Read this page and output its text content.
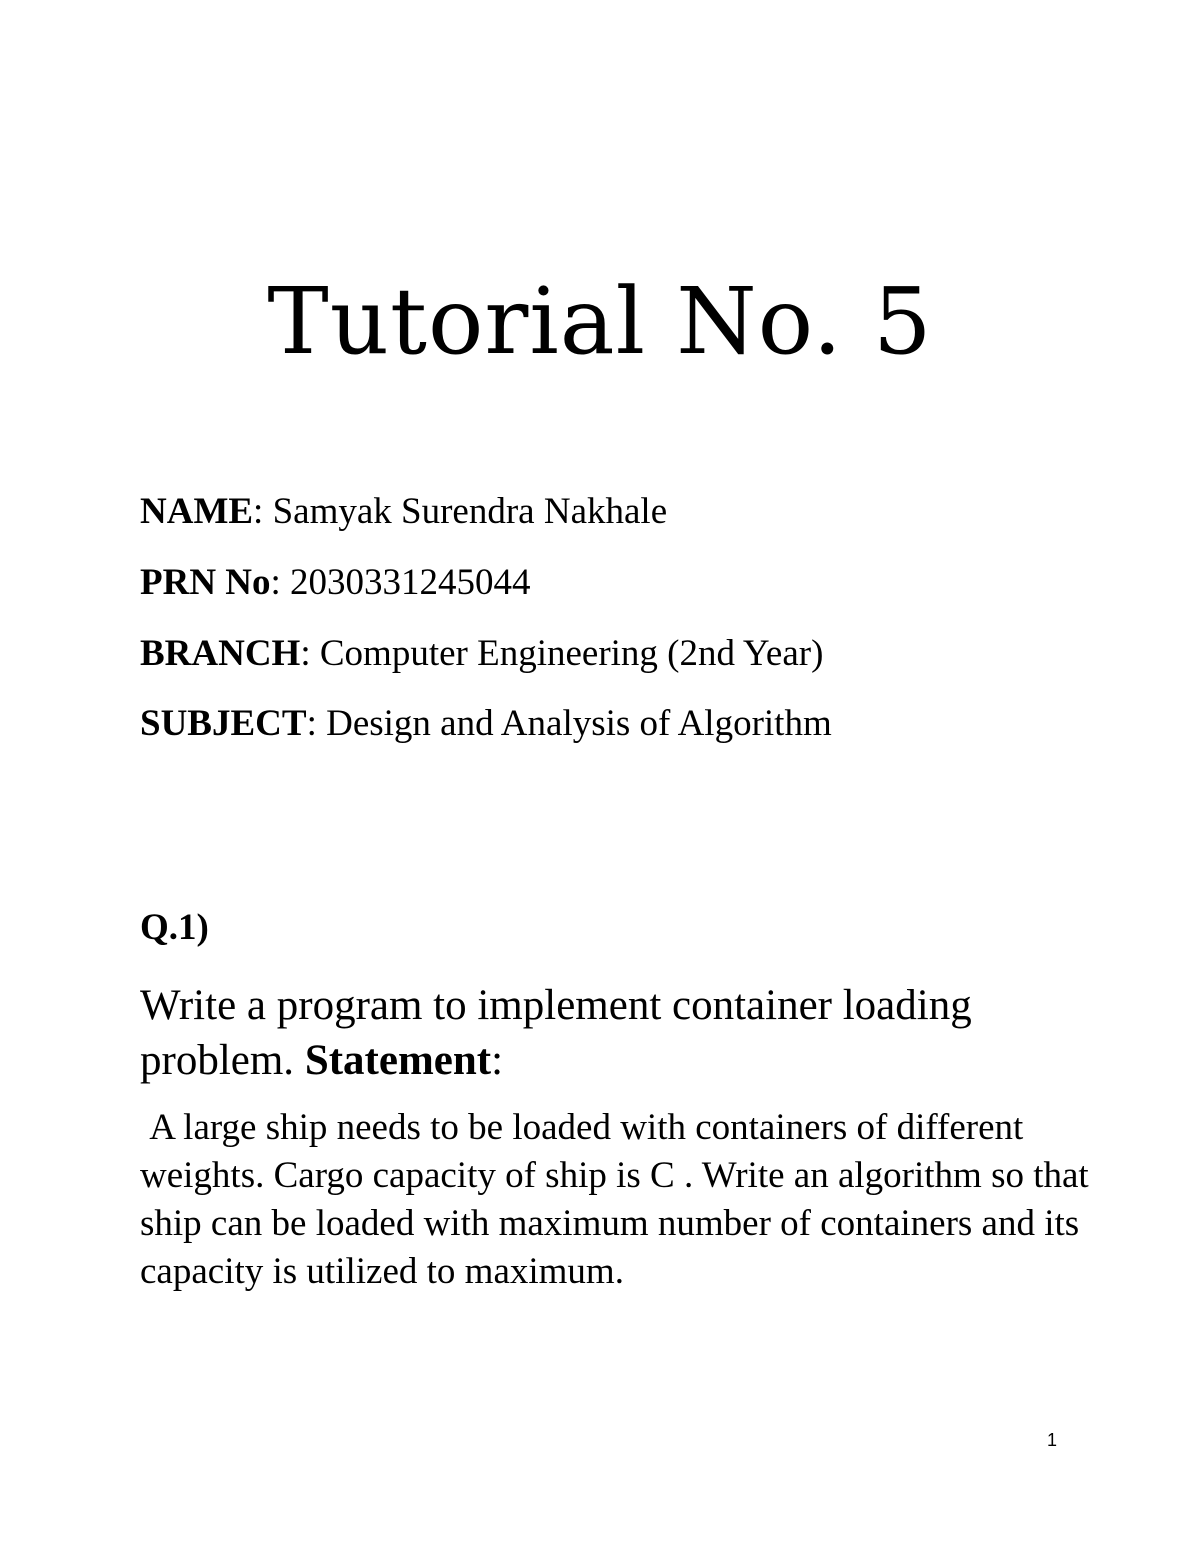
Tutorial No. 5
NAME: Samyak Surendra Nakhale
PRN No: 2030331245044
BRANCH: Computer Engineering (2nd Year)
SUBJECT: Design and Analysis of Algorithm
Q.1)
Write a program to implement container loading problem. Statement:
A large ship needs to be loaded with containers of different weights. Cargo capacity of ship is C . Write an algorithm so that ship can be loaded with maximum number of containers and its capacity is utilized to maximum.
1
